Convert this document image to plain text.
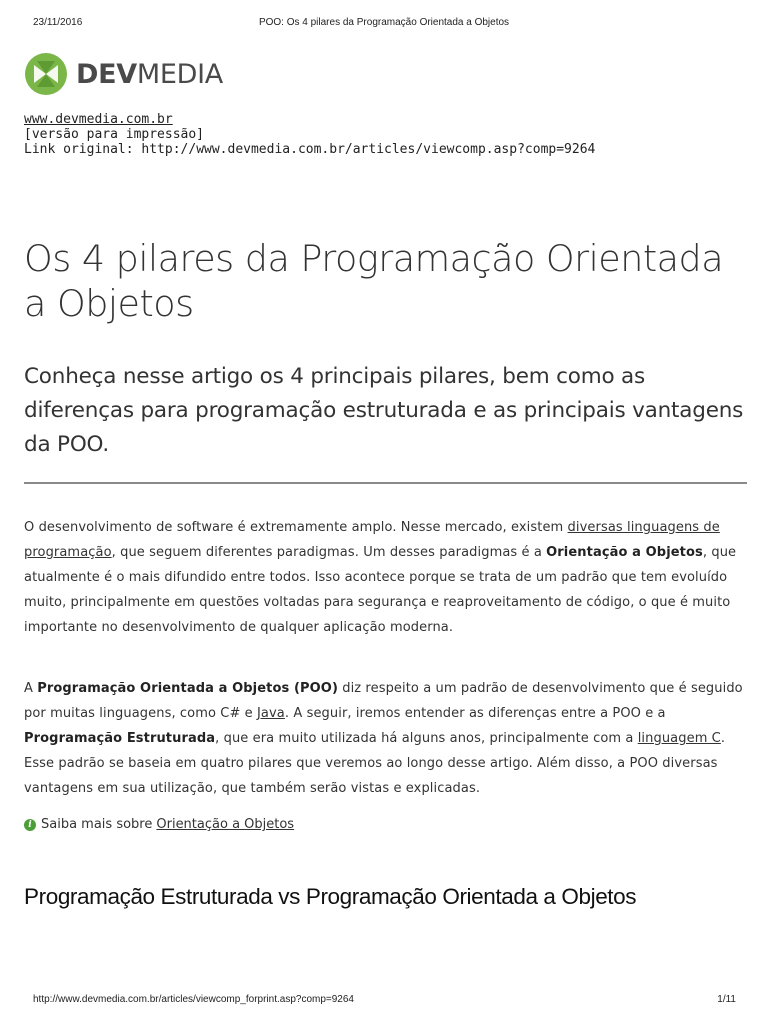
23/11/2016	POO: Os 4 pilares da Programação Orientada a Objetos
DEVMEDIA
www.devmedia.com.br
[versão para impressão]
Link original: http://www.devmedia.com.br/articles/viewcomp.asp?comp=9264
Os 4 pilares da Programação Orientada a Objetos

Conheça nesse artigo os 4 principais pilares, bem como as diferenças para programação estruturada e as principais vantagens da POO.

O desenvolvimento de software é extremamente amplo. Nesse mercado, existem diversas linguagens de programação, que seguem diferentes paradigmas. Um desses paradigmas é a Orientação a Objetos, que atualmente é o mais difundido entre todos. Isso acontece porque se trata de um padrão que tem evoluído muito, principalmente em questões voltadas para segurança e reaproveitamento de código, o que é muito importante no desenvolvimento de qualquer aplicação moderna.

A Programação Orientada a Objetos (POO) diz respeito a um padrão de desenvolvimento que é seguido por muitas linguagens, como C# e Java. A seguir, iremos entender as diferenças entre a POO e a Programação Estruturada, que era muito utilizada há alguns anos, principalmente com a linguagem C. Esse padrão se baseia em quatro pilares que veremos ao longo desse artigo. Além disso, a POO diversas vantagens em sua utilização, que também serão vistas e explicadas.

i Saiba mais sobre Orientação a Objetos
Programação Estruturada vs Programação Orientada a Objetos
http://www.devmedia.com.br/articles/viewcomp_forprint.asp?comp=9264	1/11
